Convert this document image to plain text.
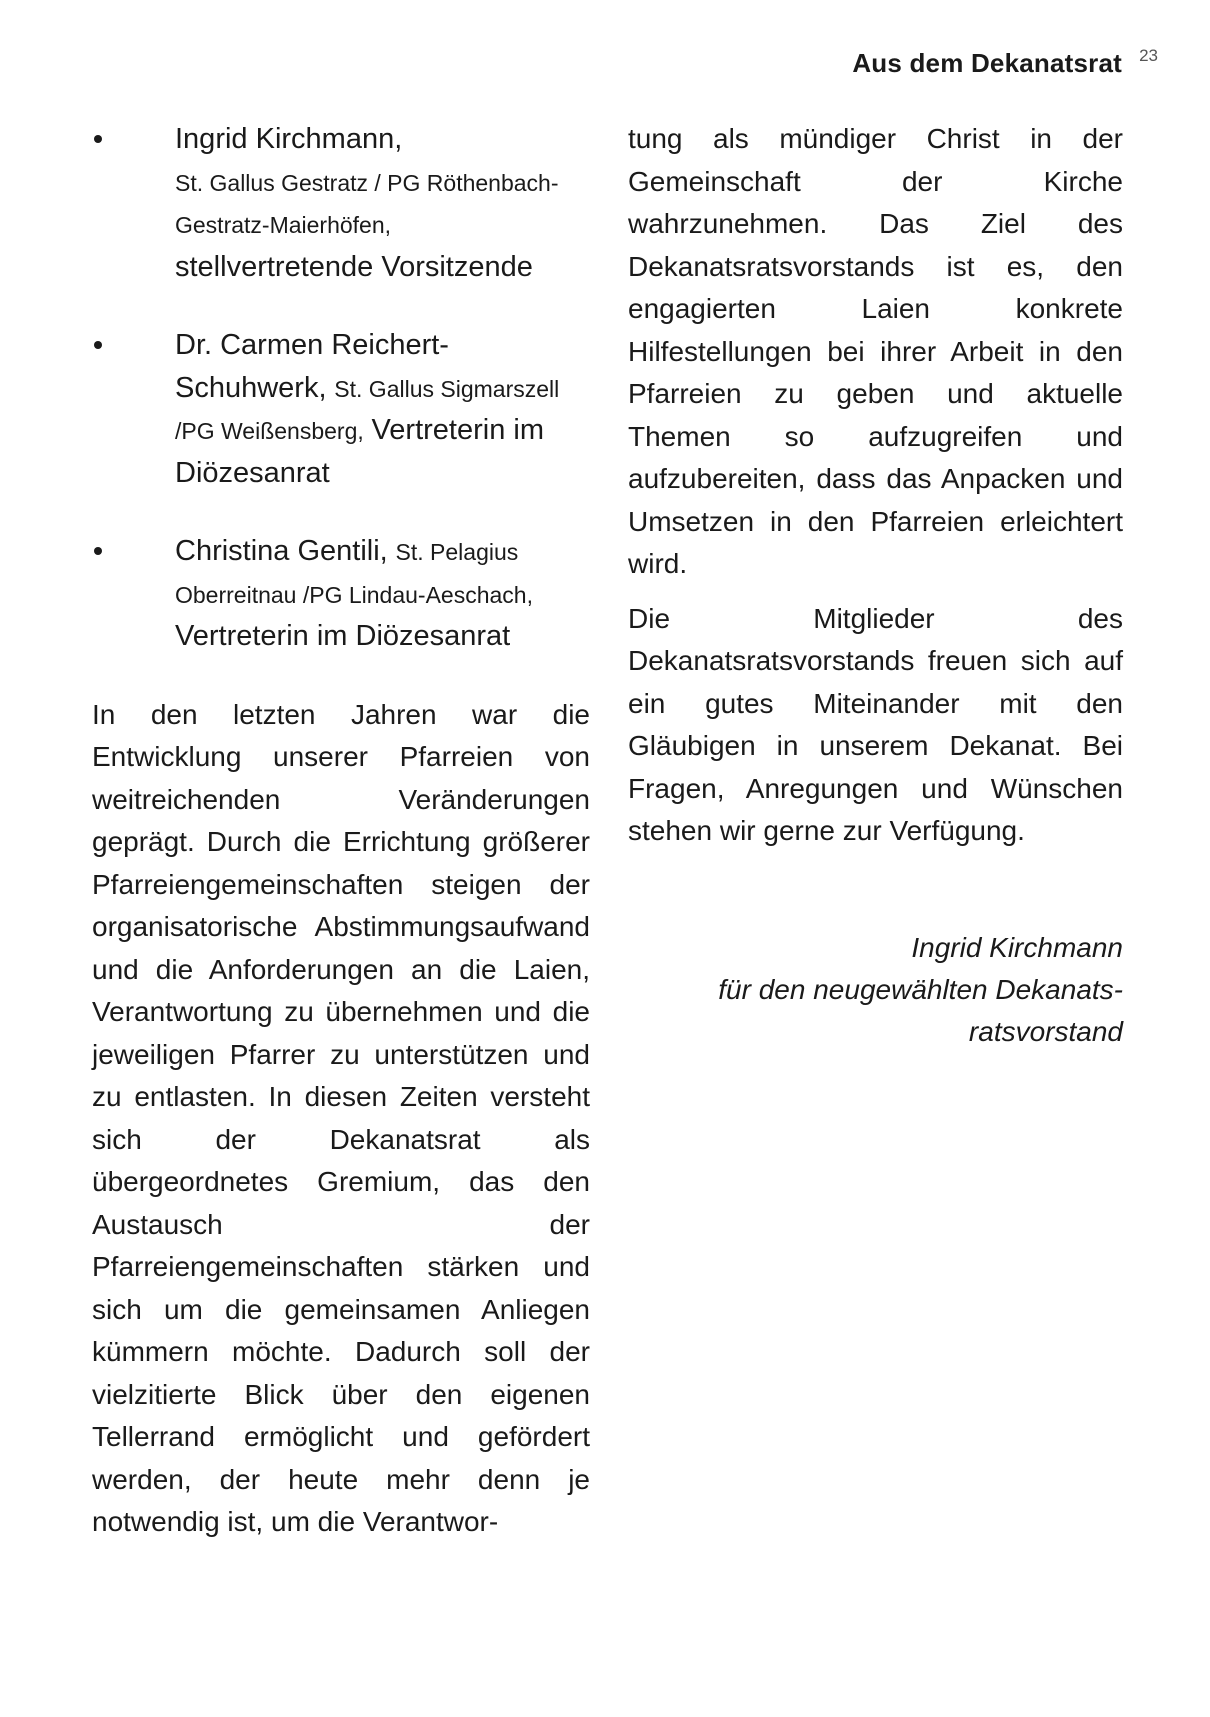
Aus dem Dekanatsrat 23
Ingrid Kirchmann,
St. Gallus Gestratz / PG Röthenbach-Gestratz-Maierhöfen, stellvertretende Vorsitzende
Dr. Carmen Reichert-Schuhwerk, St. Gallus Sigmarszell /PG Weißensberg, Vertreterin im Diözesanrat
Christina Gentili, St. Pelagius Oberreitnau /PG Lindau-Aeschach, Vertreterin im Diözesanrat

In den letzten Jahren war die Entwicklung unserer Pfarreien von weitreichenden Veränderungen geprägt. Durch die Errichtung größerer Pfarreiengemeinschaften steigen der organisatorische Abstimmungsaufwand und die Anforderungen an die Laien, Verantwortung zu übernehmen und die jeweiligen Pfarrer zu unterstützen und zu entlasten. In diesen Zeiten versteht sich der Dekanatsrat als übergeordnetes Gremium, das den Austausch der Pfarreiengemeinschaften stärken und sich um die gemeinsamen Anliegen kümmern möchte. Dadurch soll der vielzitierte Blick über den eigenen Tellerrand ermöglicht und gefördert werden, der heute mehr denn je notwendig ist, um die Verantwor-

tung als mündiger Christ in der Gemeinschaft der Kirche wahrzunehmen. Das Ziel des Dekanatsratsvorstands ist es, den engagierten Laien konkrete Hilfestellungen bei ihrer Arbeit in den Pfarreien zu geben und aktuelle Themen so aufzugreifen und aufzubereiten, dass das Anpacken und Umsetzen in den Pfarreien erleichtert wird.

Die Mitglieder des Dekanatsratsvorstands freuen sich auf ein gutes Miteinander mit den Gläubigen in unserem Dekanat. Bei Fragen, Anregungen und Wünschen stehen wir gerne zur Verfügung.

Ingrid Kirchmann
für den neugewählten Dekanats-
ratsvorstand
